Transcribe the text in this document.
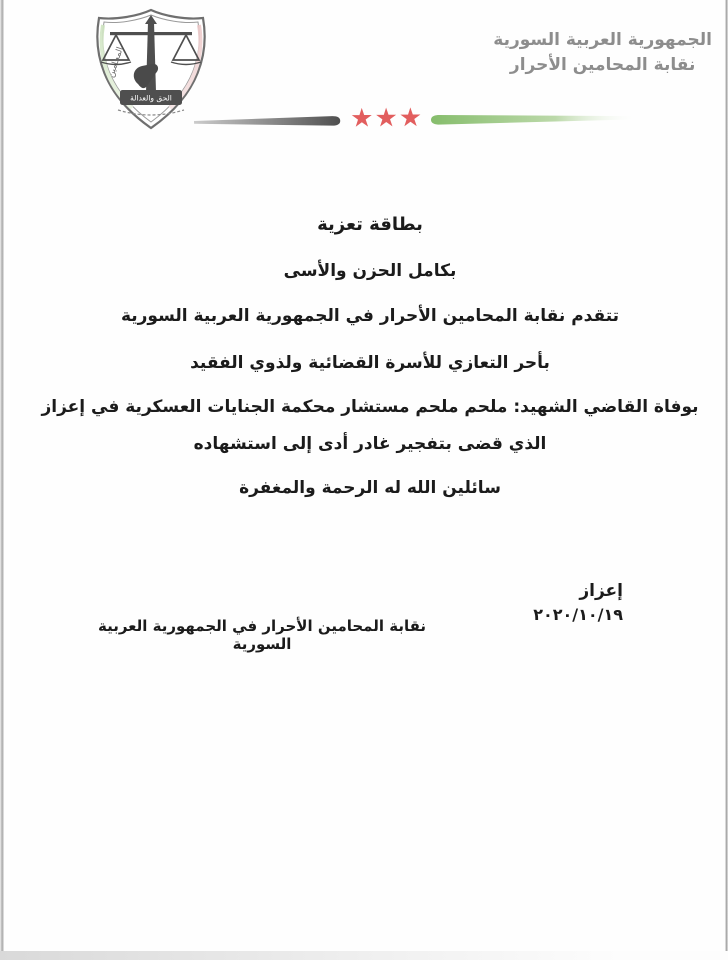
الحق والعدالة
المحامين
الجمهورية العربية السورية
نقابة المحامين الأحرار
★★★
بطاقة تعزية
بكامل الحزن والأسى
تتقدم نقابة المحامين الأحرار في الجمهورية العربية السورية
بأحر التعازي للأسرة القضائية ولذوي الفقيد
بوفاة القاضي الشهيد: ملحم ملحم مستشار محكمة الجنايات العسكرية في إعزاز
الذي قضى بتفجير غادر أدى إلى استشهاده
سائلين الله له الرحمة والمغفرة
إعزاز
٢٠٢٠/١٠/١٩
نقابة المحامين الأحرار في الجمهورية العربية السورية
